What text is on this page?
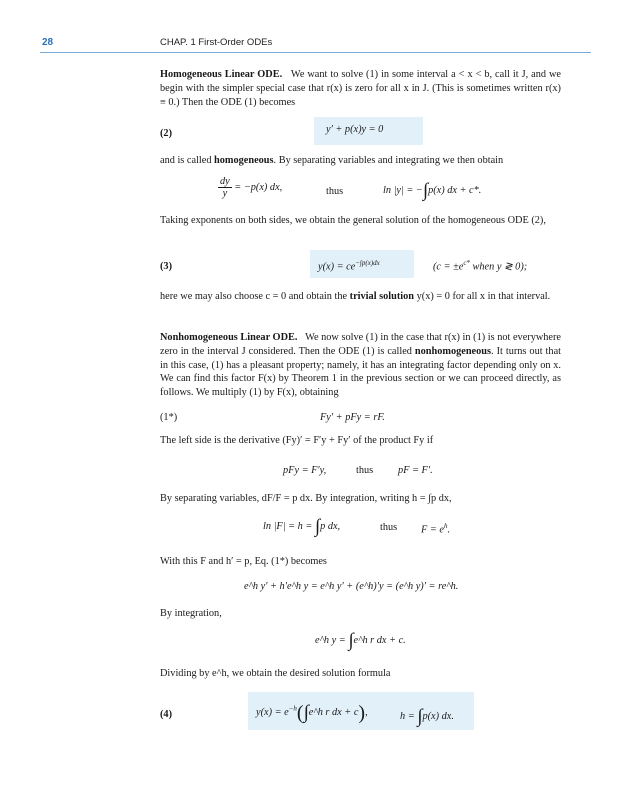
28	CHAP. 1 First-Order ODEs
Homogeneous Linear ODE. We want to solve (1) in some interval a < x < b, call it J, and we begin with the simpler special case that r(x) is zero for all x in J. (This is sometimes written r(x) ≡ 0.) Then the ODE (1) becomes
(2)	y′ + p(x)y = 0
and is called homogeneous. By separating variables and integrating we then obtain
$\frac{dy}{y} = -p(x)$ dx,	thus	ln |y| = −∫p(x) dx + c*.
Taking exponents on both sides, we obtain the general solution of the homogeneous ODE (2),
(3)	$y(x) = ce^{-\int p(x)dx}$	($c = \pm e^{c*}$ when y ≷ 0);
here we may also choose c = 0 and obtain the trivial solution y(x) = 0 for all x in that interval.
Nonhomogeneous Linear ODE. We now solve (1) in the case that r(x) in (1) is not everywhere zero in the interval J considered. Then the ODE (1) is called nonhomogeneous. It turns out that in this case, (1) has a pleasant property; namely, it has an integrating factor depending only on x. We can find this factor F(x) by Theorem 1 in the previous section or we can proceed directly, as follows. We multiply (1) by F(x), obtaining
(1*)	Fy′ + pFy = rF.
The left side is the derivative (Fy)′ = F′y + Fy′ of the product Fy if
pFy = F′y,	thus pF = F′.
By separating variables, dF/F = p dx. By integration, writing h = ∫p dx,
ln |F| = h = ∫p dx,	thus $F = e^h$.
With this F and h′ = p, Eq. (1*) becomes
e^h y′ + h′e^h y = e^h y′ + (e^h)′y = (e^h y)′ = re^h.
By integration,
e^h y = ∫e^h r dx + c.
Dividing by e^h, we obtain the desired solution formula
(4)	$y(x) = e^{-h}(\int e\^{}h$ r dx + c),	h = ∫p(x) dx.
